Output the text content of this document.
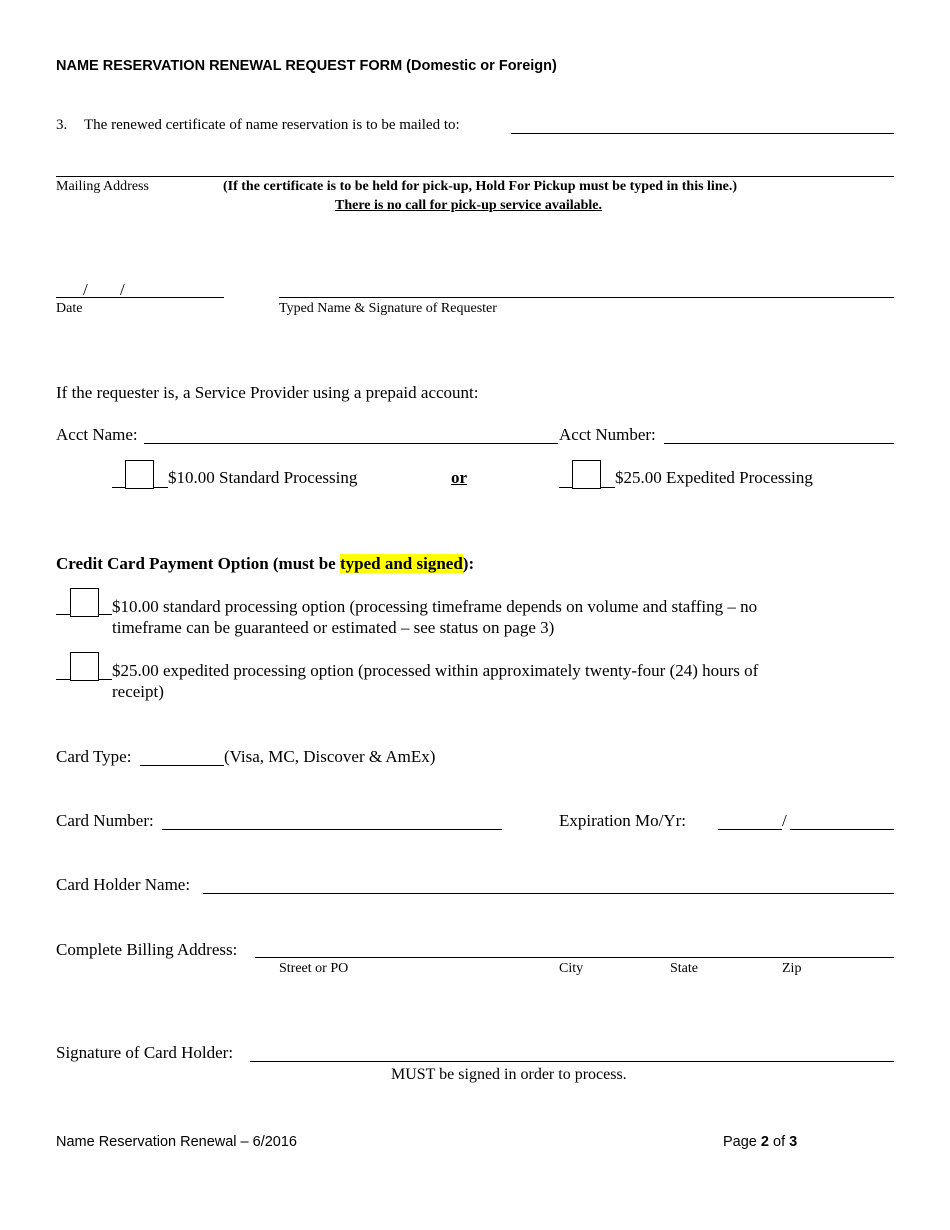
NAME RESERVATION RENEWAL REQUEST FORM (Domestic or Foreign)
3. The renewed certificate of name reservation is to be mailed to:
Mailing Address	(If the certificate is to be held for pick-up, Hold For Pickup must be typed in this line.)
There is no call for pick-up service available.
/ /
Date	Typed Name & Signature of Requester
If the requester is, a Service Provider using a prepaid account:
Acct Name:	Acct Number:
$10.00 Standard Processing	or	$25.00 Expedited Processing
Credit Card Payment Option (must be typed and signed):
$10.00 standard processing option (processing timeframe depends on volume and staffing – no
timeframe can be guaranteed or estimated – see status on page 3)
$25.00 expedited processing option (processed within approximately twenty-four (24) hours of
receipt)
Card Type:	(Visa, MC, Discover & AmEx)
Card Number:	Expiration Mo/Yr:	/
Card Holder Name:
Complete Billing Address:
Street or PO	City	State	Zip
Signature of Card Holder:
MUST be signed in order to process.
Name Reservation Renewal – 6/2016	Page 2 of 3
